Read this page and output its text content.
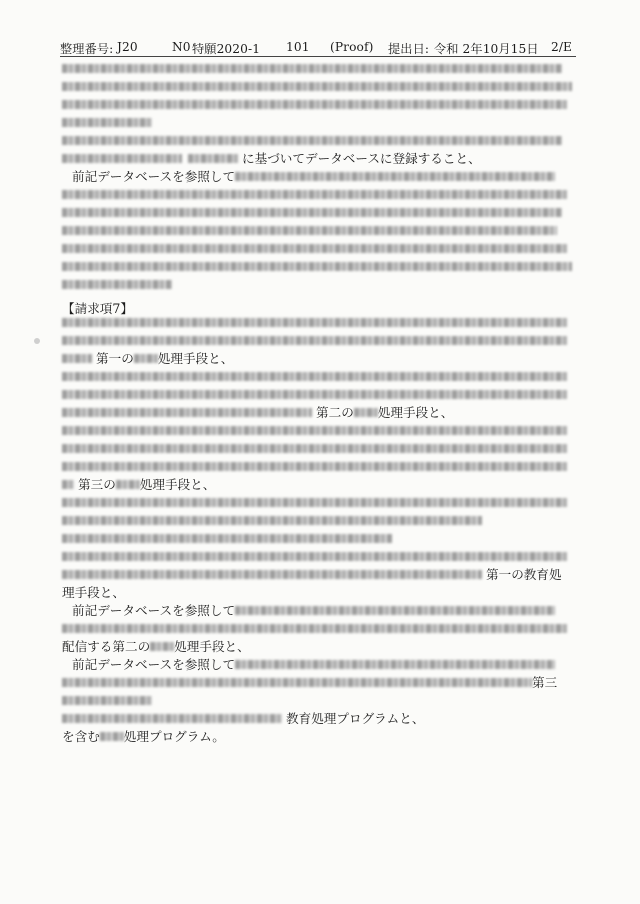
整理番号: J20	N0 特願2020-1 101 (Proof) 提出日: 令和 2年10月15日 2/E
に基づいてデータベースに登録すること、
前記データベースを参照して
【請求項7】
第一の 処理手段と、
第二の 処理手段と、
第三の 処理手段と、
第一の教育処
理手段と、
前記データベースを参照して
配信する第二の 処理手段と、
前記データベースを参照して
第三
教育処理プログラムと、
を含む 処理プログラム。
